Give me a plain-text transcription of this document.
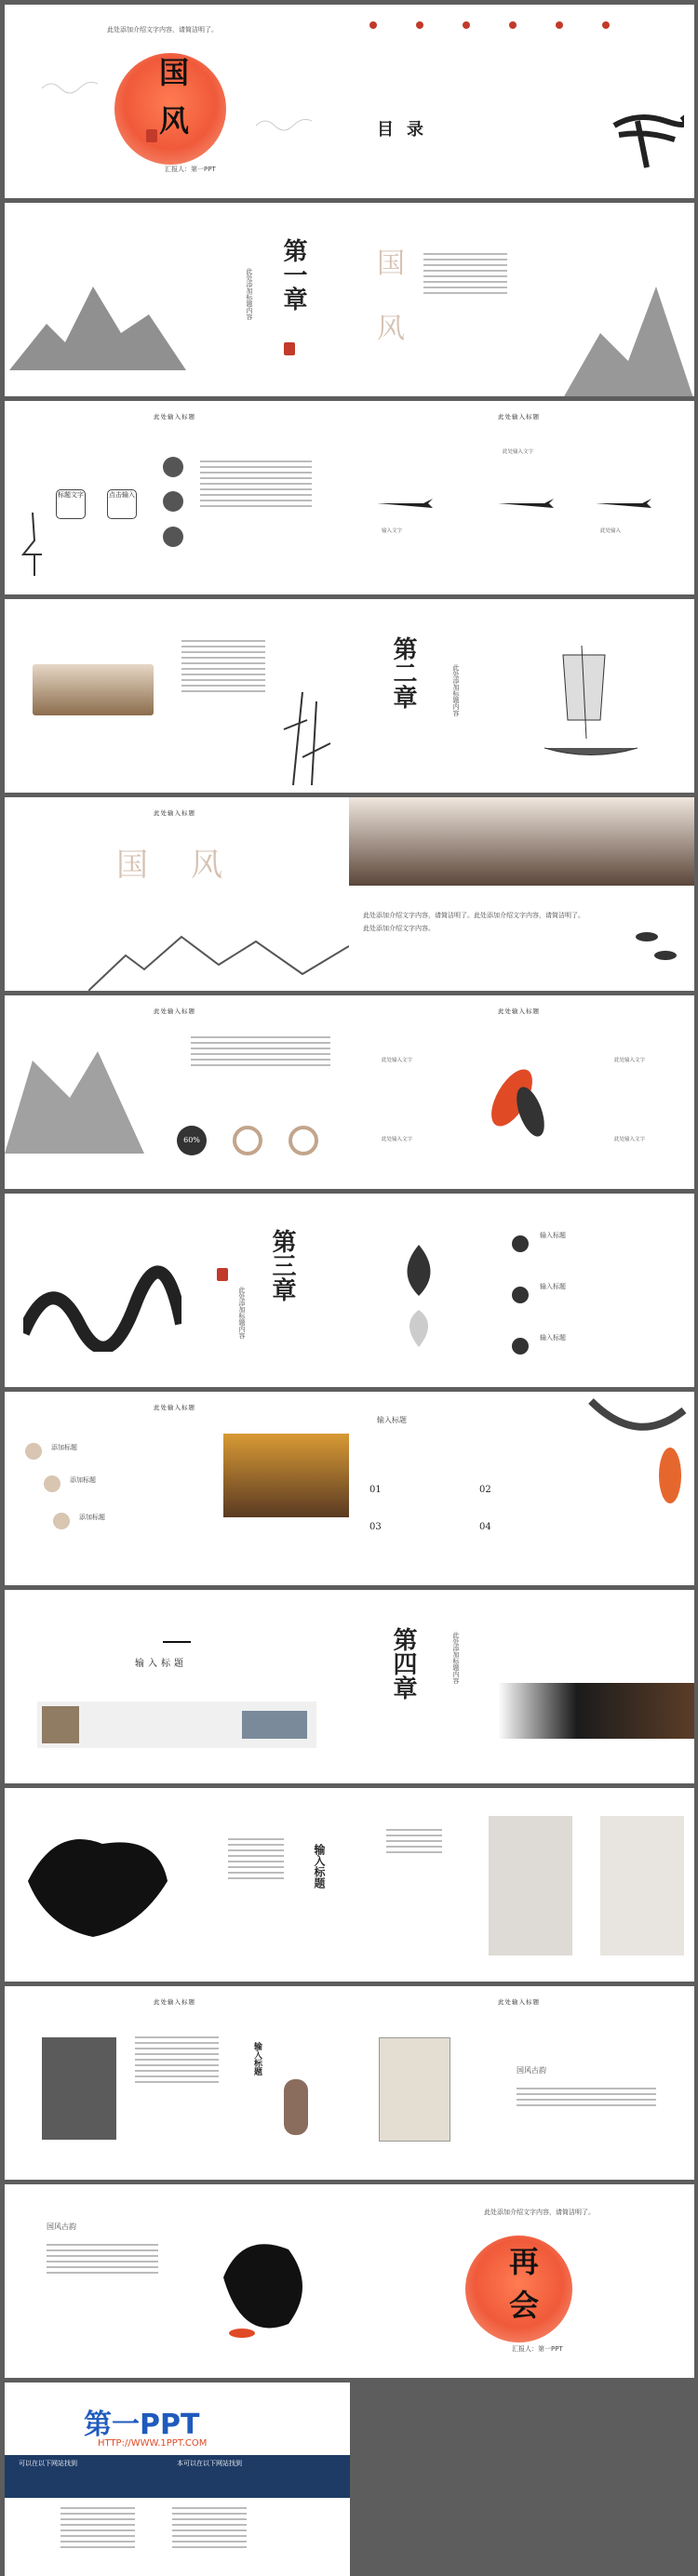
此处添加介绍文字内容，请简洁明了。
国
风
汇报人：第一PPT
目 录
第一章
此处添加标题内容
国
风
此处输入标题
标题文字	点击输入
此处输入标题
此处输入文字
输入文字	此处输入
第二章	此处添加标题内容
此处输入标题
国 风
此处添加介绍文字内容，请简洁明了。此处添加介绍文字内容，请简洁明了。此处添加介绍文字内容。
此处输入标题
60%
此处输入标题
此处输入文字	此处输入文字
此处输入文字	此处输入文字
第三章
此处添加标题内容
输入标题
输入标题
输入标题
此处输入标题
添加标题
添加标题
添加标题
输入标题
01	02
03	04
输入标题
第四章
此处添加标题内容
输入标题
此处输入标题
输入标题
此处输入标题
国风古韵
国风古韵
此处添加介绍文字内容，请简洁明了。
再
会
汇报人：第一PPT
第一PPT
HTTP://WWW.1PPT.COM
可以在以下网站找到	本可以在以下网站找到
